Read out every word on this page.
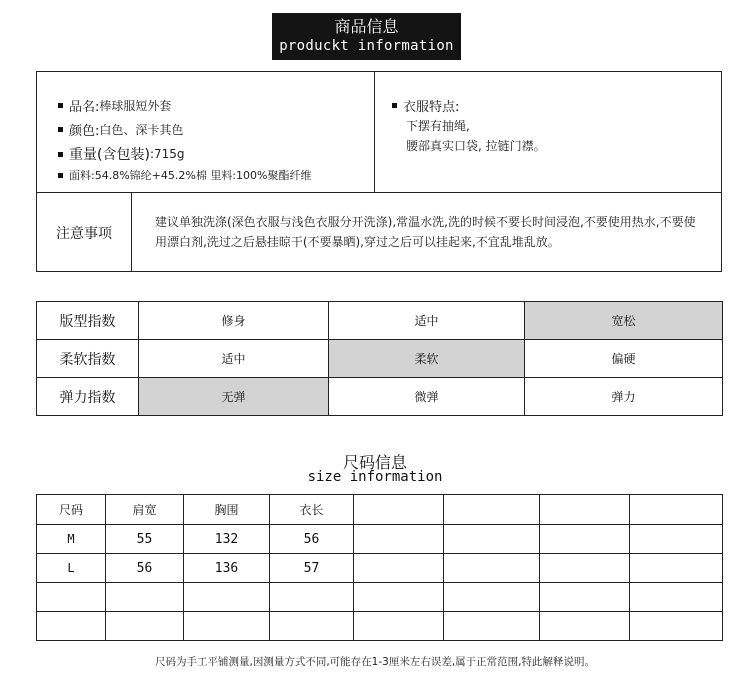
商品信息
produckt information
品名: 棒球服短外套
颜色: 白色、深卡其色
重量(含包装) :715g
面料: 54.8%锦纶+45.2%棉 里料:100%聚酯纤维
衣服特点:
下摆有抽绳,
腰部真实口袋, 拉链门襟。
注意事项
建议单独洗涤(深色衣服与浅色衣服分开洗涤),常温水洗,洗的时候不要长时间浸泡,不要使用热水,不要使用漂白剂,洗过之后悬挂晾干(不要暴晒),穿过之后可以挂起来,不宜乱堆乱放。
版型指数	修身	适中	宽松
柔软指数	适中	柔软	偏硬
弹力指数	无弹	微弹	弹力
尺码信息
size information
尺码	肩宽	胸围	衣长				
M	55	132	56				
L	56	136	57				

尺码为手工平铺测量,因测量方式不同,可能存在1-3厘米左右误差,属于正常范围,特此解释说明。
